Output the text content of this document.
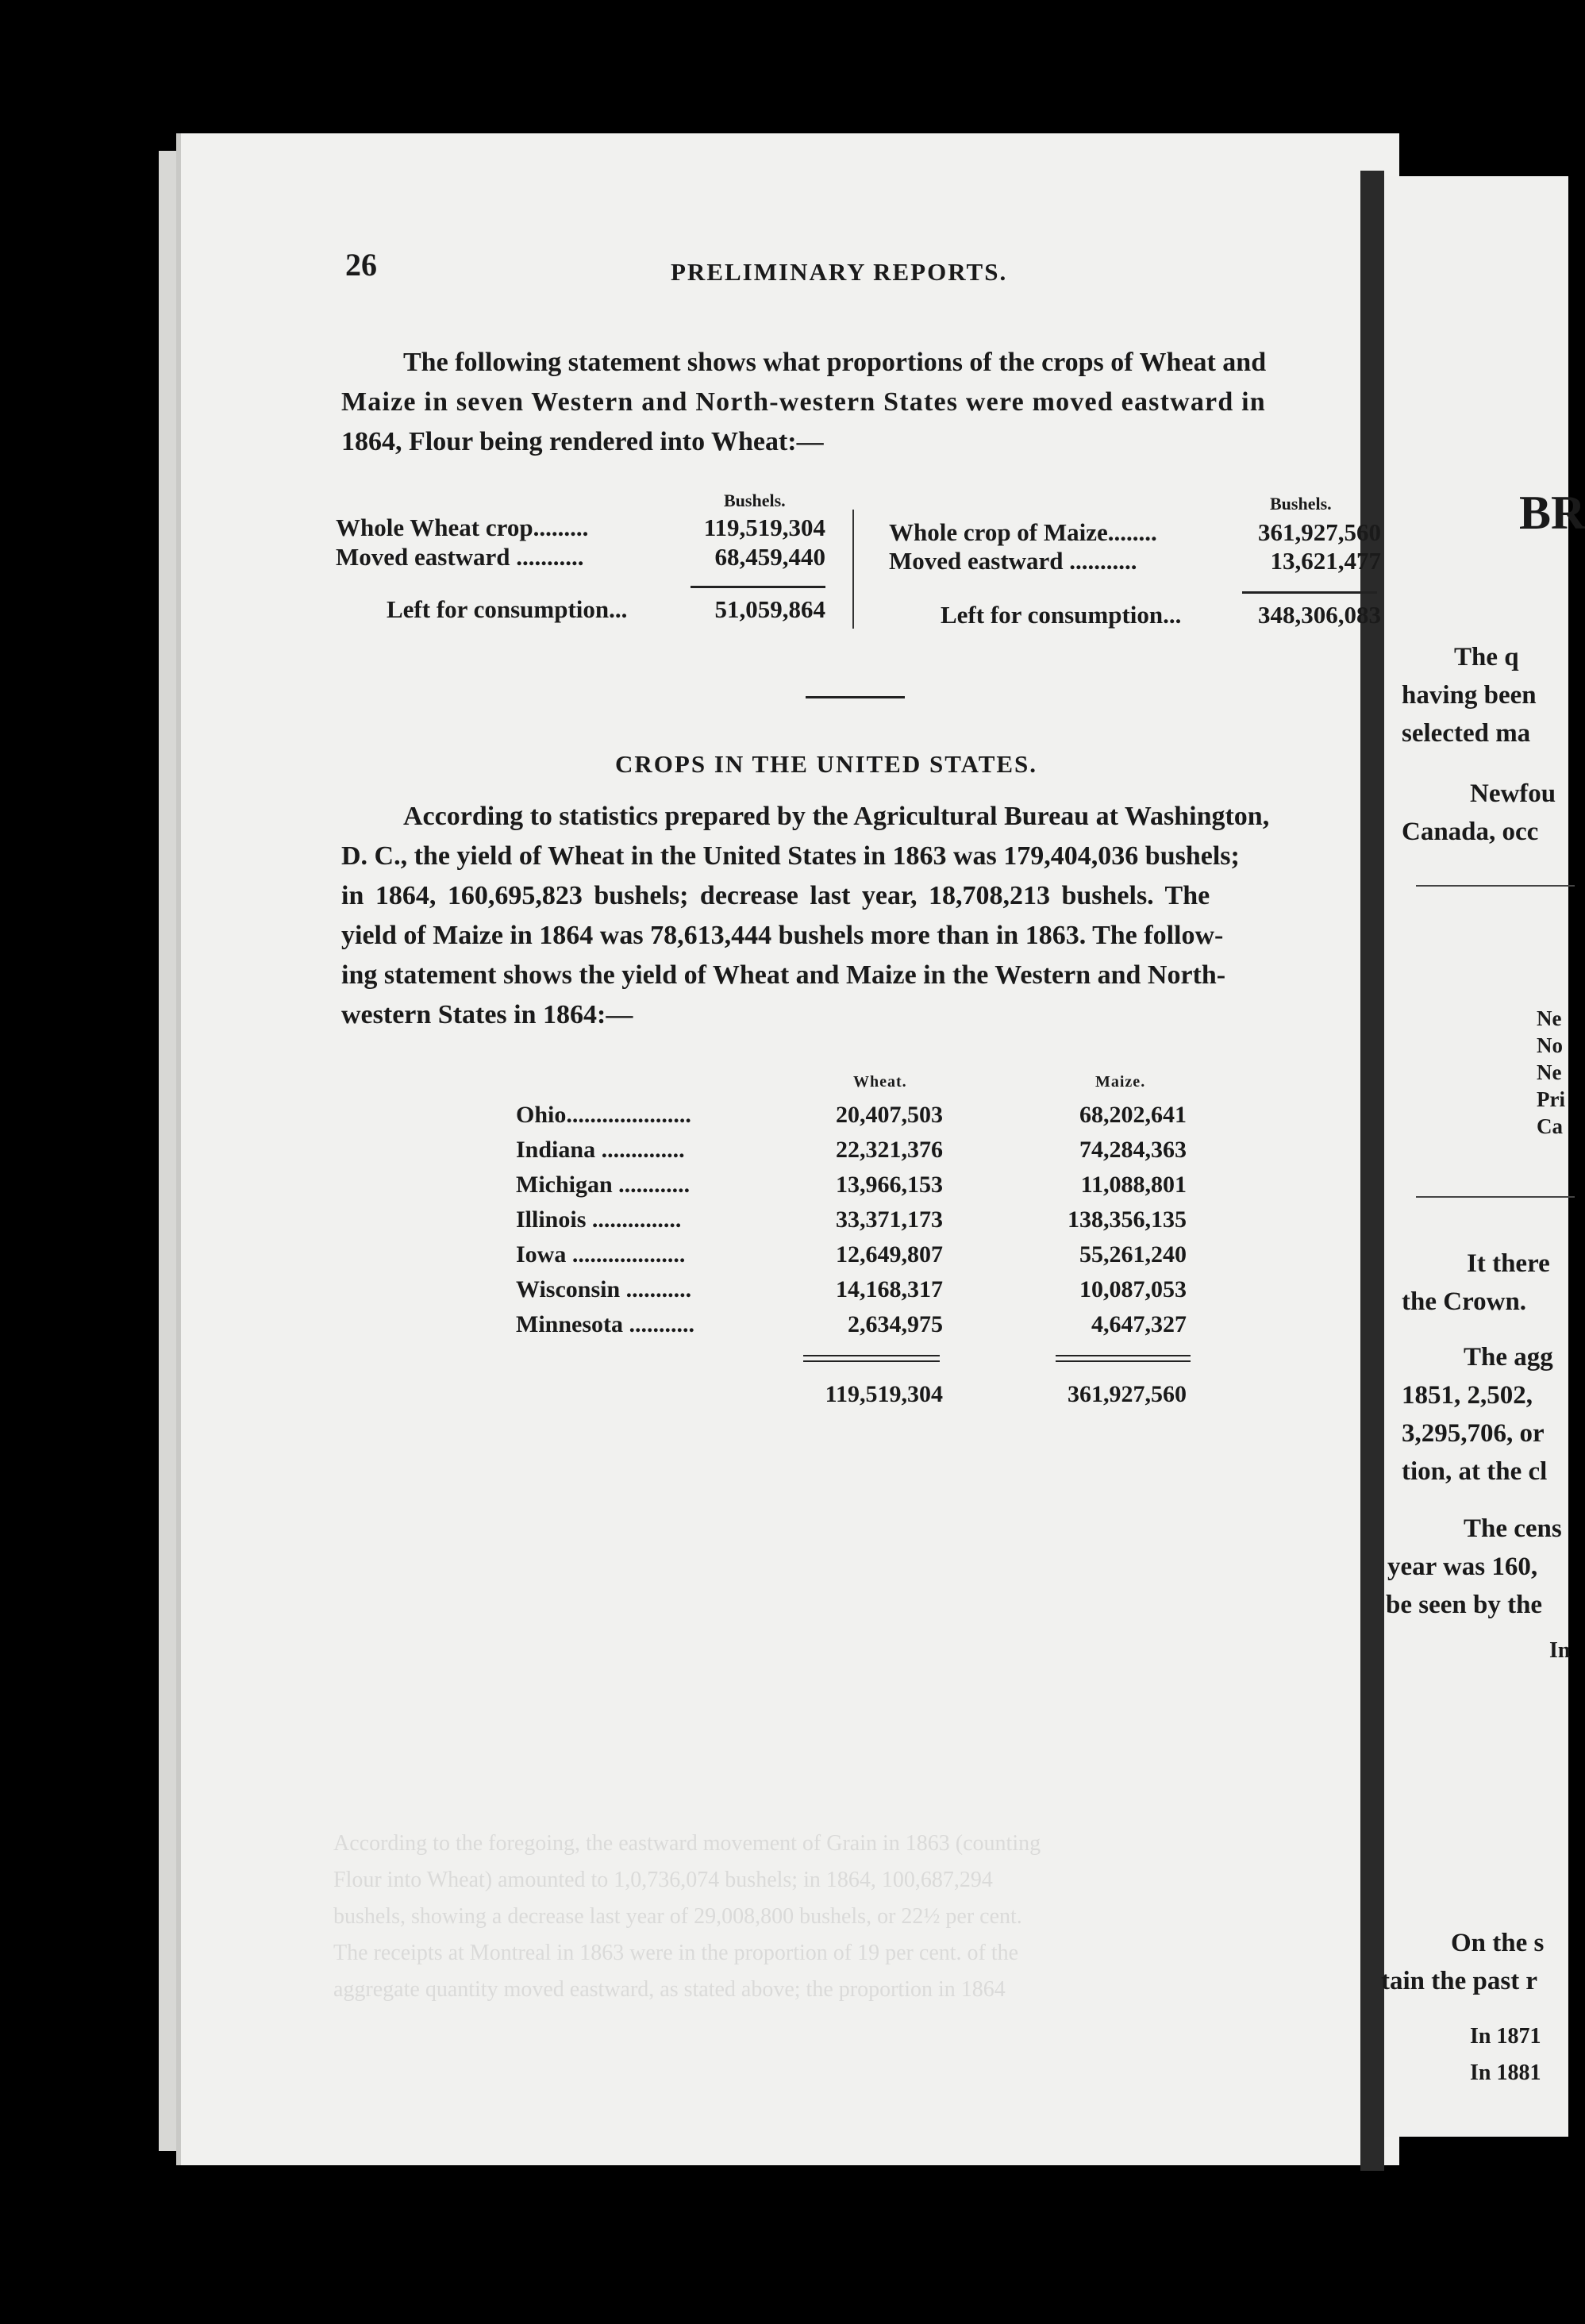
According to the foregoing, the eastward movement of Grain in 1863 (counting
Flour into Wheat) amounted to 1,0,736,074 bushels; in 1864, 100,687,294
bushels, showing a decrease last year of 29,008,800 bushels, or 22½ per cent.
The receipts at Montreal in 1863 were in the proportion of 19 per cent. of the
aggregate quantity moved eastward, as stated above; the proportion in 1864
26	PRELIMINARY REPORTS.
The following statement shows what proportions of the crops of Wheat and
Maize in seven Western and North-western States were moved eastward in
1864, Flour being rendered into Wheat:—
Bushels.
Whole Wheat crop.........	119,519,304
Moved eastward ...........	68,459,440
Left for consumption...	51,059,864
Bushels.
Whole crop of Maize........	361,927,560
Moved eastward ...........	13,621,477
Left for consumption...	348,306,083
CROPS IN THE UNITED STATES.
According to statistics prepared by the Agricultural Bureau at Washington,
D. C., the yield of Wheat in the United States in 1863 was 179,404,036 bushels;
in 1864, 160,695,823 bushels; decrease last year, 18,708,213 bushels. The
yield of Maize in 1864 was 78,613,444 bushels more than in 1863. The follow-
ing statement shows the yield of Wheat and Maize in the Western and North-
western States in 1864:—
Wheat.	Maize.
Ohio.....................	20,407,503	68,202,641
Indiana ..............	22,321,376	74,284,363
Michigan ............	13,966,153	11,088,801
Illinois ...............	33,371,173	138,356,135
Iowa ...................	12,649,807	55,261,240
Wisconsin ...........	14,168,317	10,087,053
Minnesota ...........	2,634,975	4,647,327
119,519,304	361,927,560
BR
The q
having been
selected ma
Newfou
Canada, occ
Ne
No
Ne
Pri
Ca
It there
the Crown.
The agg
1851, 2,502,
3,295,706, or
tion, at the cl
The cens
year was 160,
be seen by the
In
On the s
tain the past r
In 1871
In 1881
